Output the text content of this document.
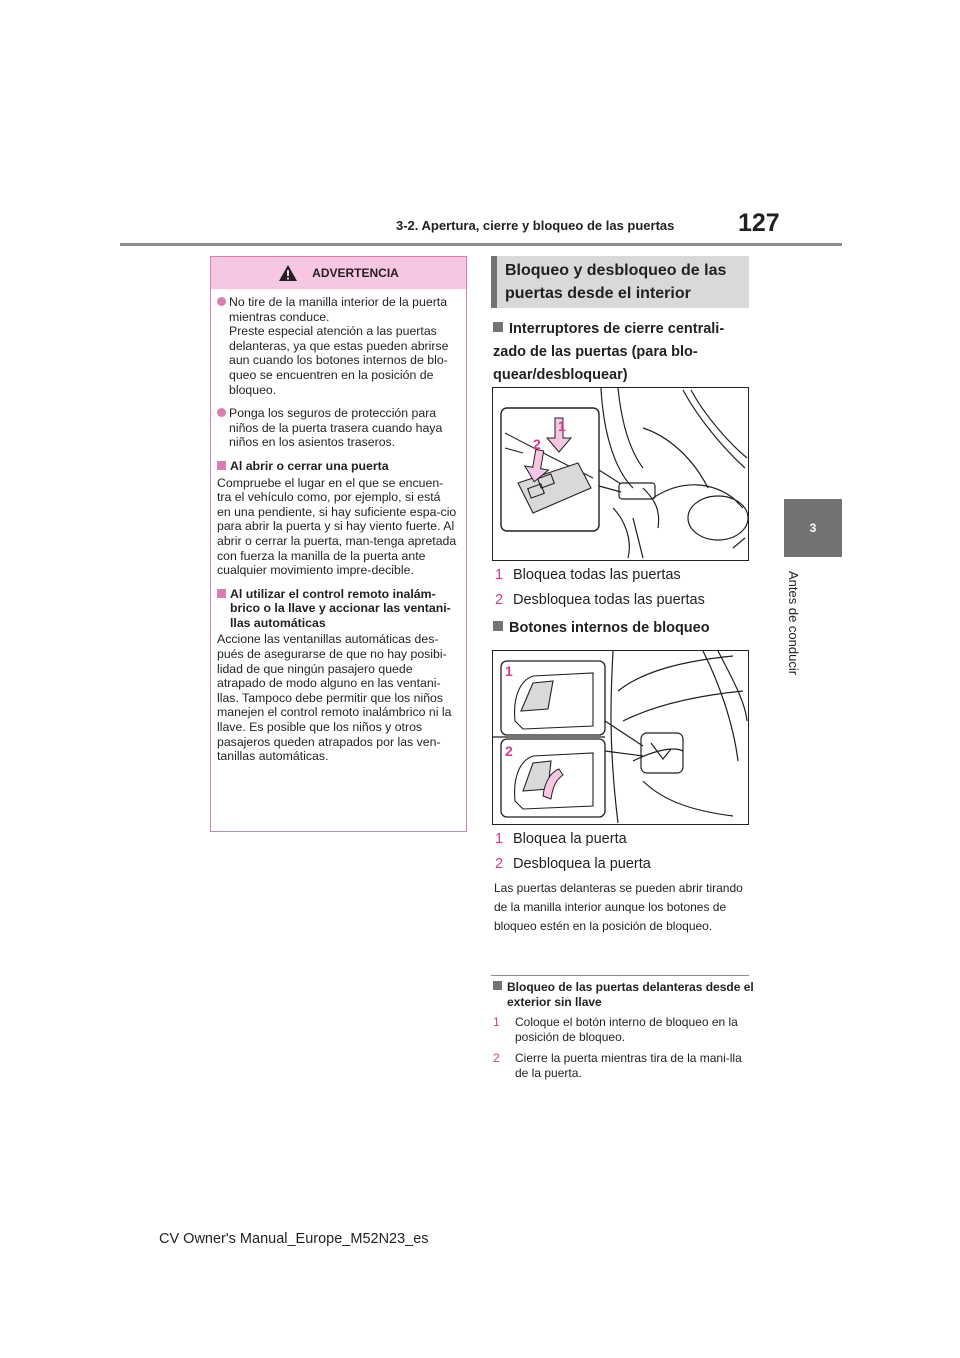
3-2. Apertura, cierre y bloqueo de las puertas	127
3
Antes de conducir
ADVERTENCIA
No tire de la manilla interior de la puerta mientras conduce.
Preste especial atención a las puertas delanteras, ya que estas pueden abrirse aun cuando los botones internos de blo-queo se encuentren en la posición de bloqueo.
Ponga los seguros de protección para niños de la puerta trasera cuando haya niños en los asientos traseros.
Al abrir o cerrar una puerta
Compruebe el lugar en el que se encuen-tra el vehículo como, por ejemplo, si está en una pendiente, si hay suficiente espa-cio para abrir la puerta y si hay viento fuerte. Al abrir o cerrar la puerta, man-tenga apretada con fuerza la manilla de la puerta ante cualquier movimiento impre-decible.
Al utilizar el control remoto inalám-brico o la llave y accionar las ventani-llas automáticas
Accione las ventanillas automáticas des-pués de asegurarse de que no hay posibi-lidad de que ningún pasajero quede atrapado de modo alguno en las ventani-llas. Tampoco debe permitir que los niños manejen el control remoto inalámbrico ni la llave. Es posible que los niños y otros pasajeros queden atrapados por las ven-tanillas automáticas.
Bloqueo y desbloqueo de las puertas desde el interior
Interruptores de cierre centrali-zado de las puertas (para blo-quear/desbloquear)
1
2
1 Bloquea todas las puertas
2 Desbloquea todas las puertas
Botones internos de bloqueo
1
2
1 Bloquea la puerta
2 Desbloquea la puerta
Las puertas delanteras se pueden abrir tirando de la manilla interior aunque los botones de bloqueo estén en la posición de bloqueo.
Bloqueo de las puertas delanteras desde el exterior sin llave
1 Coloque el botón interno de bloqueo en la posición de bloqueo.
2 Cierre la puerta mientras tira de la mani-lla de la puerta.
CV Owner's Manual_Europe_M52N23_es
